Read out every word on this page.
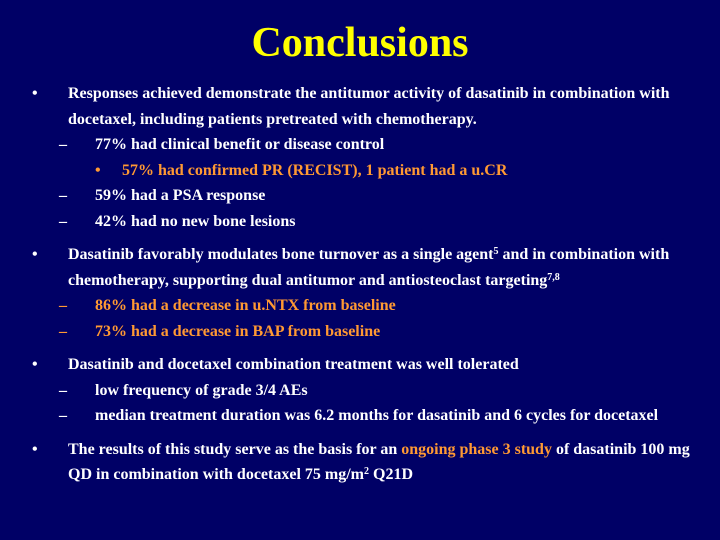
Conclusions
•	Responses achieved demonstrate the antitumor activity of dasatinib in combination with docetaxel, including patients pretreated with chemotherapy.
– 77% had clinical benefit or disease control
• 57% had confirmed PR (RECIST), 1 patient had a u.CR
– 59% had a PSA response
– 42% had no new bone lesions
•	Dasatinib favorably modulates bone turnover as a single agent$^5$ and in combination with chemotherapy, supporting dual antitumor and antiosteoclast targeting$^{7,8}$
– 86% had a decrease in u.NTX from baseline
– 73% had a decrease in BAP from baseline
•	Dasatinib and docetaxel combination treatment was well tolerated
– low frequency of grade 3/4 AEs
– median treatment duration was 6.2 months for dasatinib and 6 cycles for docetaxel
•	The results of this study serve as the basis for an ongoing phase 3 study of dasatinib 100 mg QD in combination with docetaxel 75 $mg/m^2$ Q21D
